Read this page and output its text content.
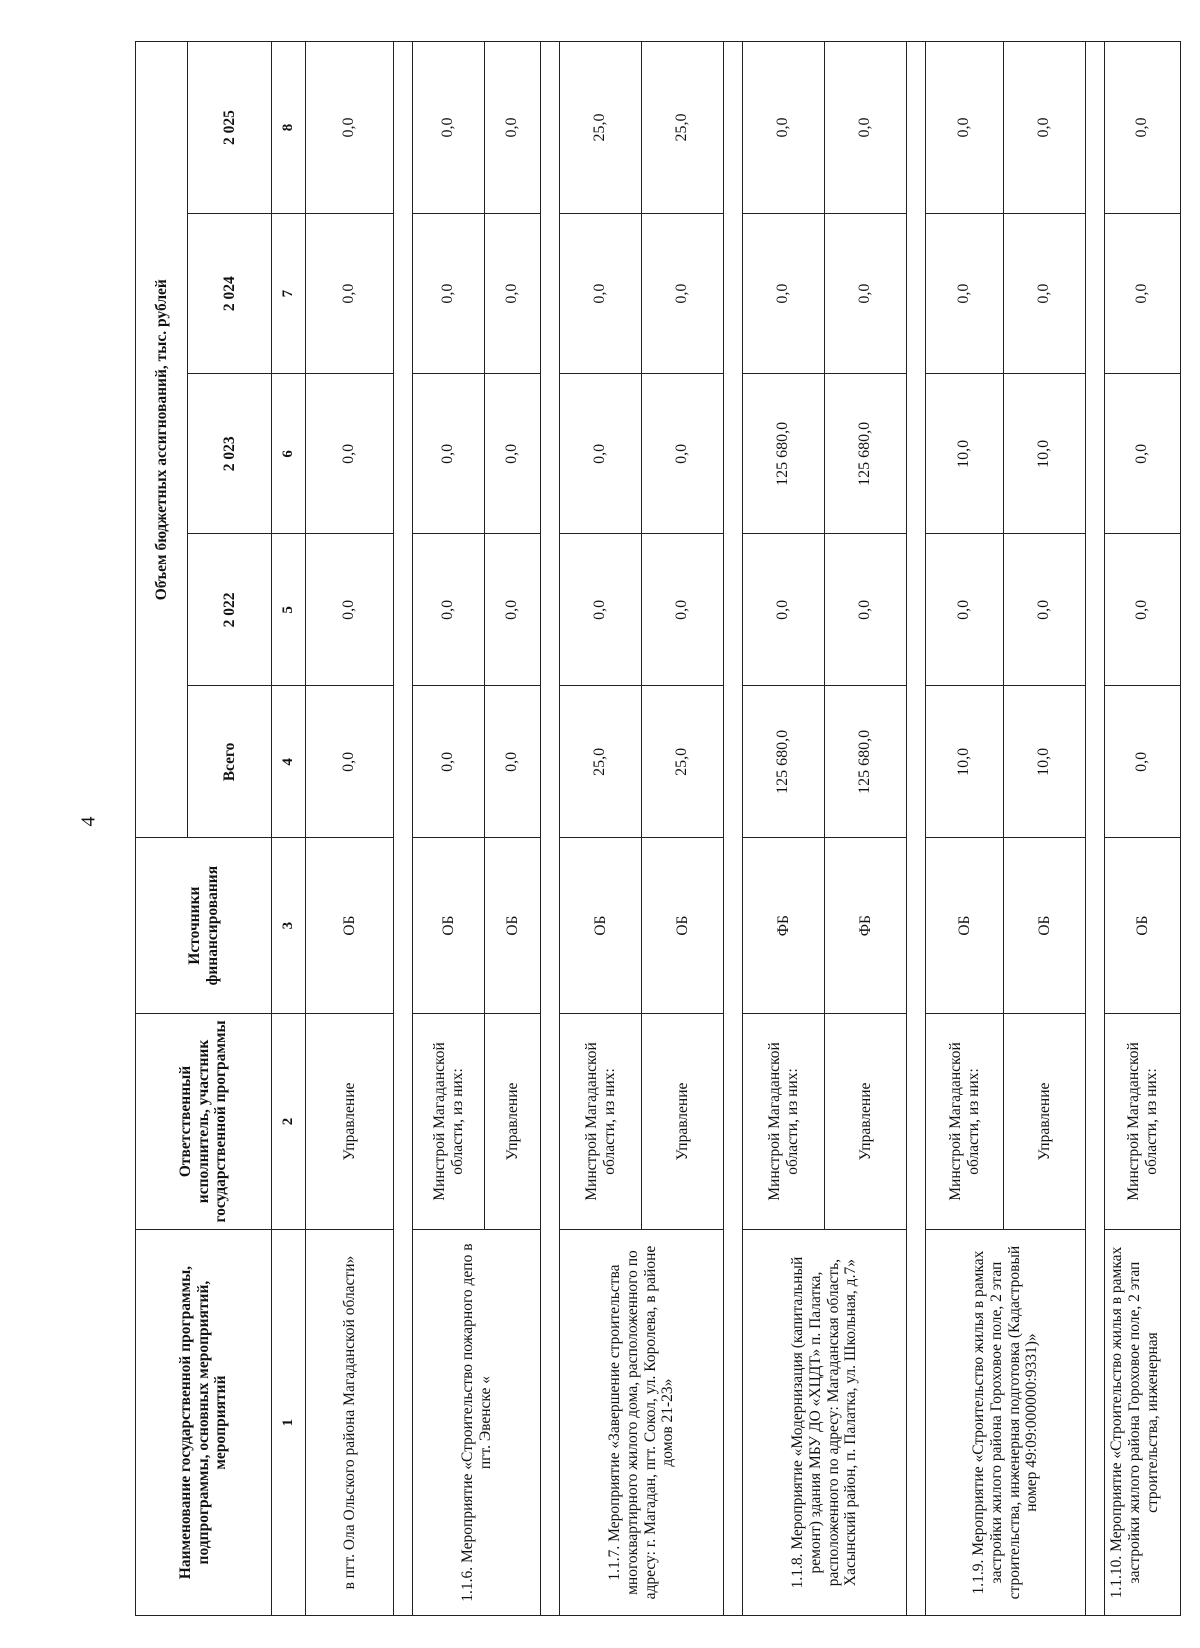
4
Наименование государственной программы, подпрограммы, основных мероприятий, мероприятий	Ответственный исполнитель, участник государственной программы	Источники финансирования	Объем бюджетных ассигнований, тыс. рублей				
			Всего	2 022	2 023	2 024	2 025
1	2	3	4	5	6	7	8
в пгт. Ола Ольского района Магаданской области»	Управление	ОБ	0,0	0,0	0,0	0,0	0,0

1.1.6. Мероприятие «Строительство пожарного депо в пгт. Эвенске «	Минстрой Магаданской области, из них:	ОБ	0,0	0,0	0,0	0,0	0,0
	Управление	ОБ	0,0	0,0	0,0	0,0	0,0

1.1.7. Мероприятие «Завершение строительства многоквартирного жилого дома, расположенного по адресу: г. Магадан, пгт. Сокол, ул. Королева, в районе домов 21-23»	Минстрой Магаданской области, из них:	ОБ	25,0	0,0	0,0	0,0	25,0
	Управление	ОБ	25,0	0,0	0,0	0,0	25,0

1.1.8. Мероприятие «Модернизация (капитальный ремонт) здания МБУ ДО «ХЦДТ» п. Палатка, расположенного по адресу: Магаданская область, Хасынский район, п. Палатка, ул. Школьная, д.7»	Минстрой Магаданской области, из них:	ФБ	125 680,0	0,0	125 680,0	0,0	0,0
	Управление	ФБ	125 680,0	0,0	125 680,0	0,0	0,0

1.1.9. Мероприятие «Строительство жилья в рамках застройки жилого района Гороховое поле, 2 этап строительства, инженерная подготовка (Кадастровый номер 49:09:000000:9331)»	Минстрой Магаданской области, из них:	ОБ	10,0	0,0	10,0	0,0	0,0
	Управление	ОБ	10,0	0,0	10,0	0,0	0,0

1.1.10. Мероприятие «Строительство жилья в рамках застройки жилого района Гороховое поле, 2 этап строительства, инженерная	Минстрой Магаданской области, из них:	ОБ	0,0	0,0	0,0	0,0	0,0
